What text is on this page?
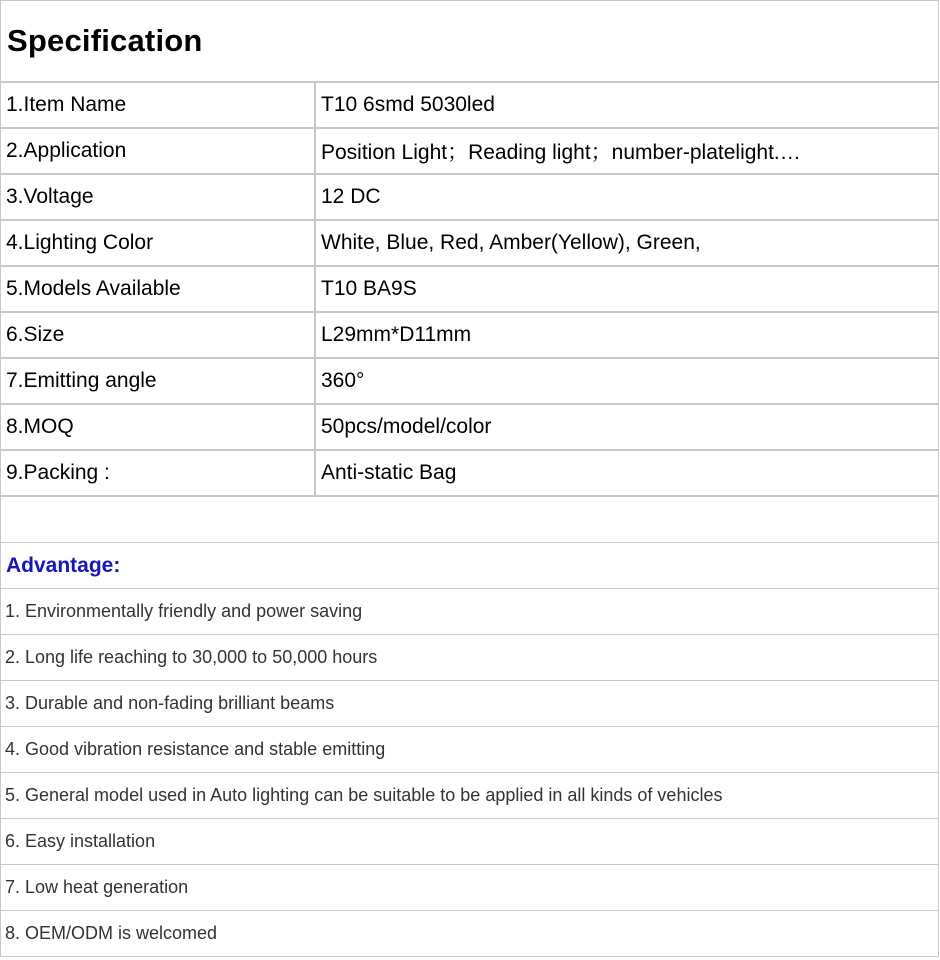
Specification
1.Item Name	T10 6smd 5030led
2.Application	Position Light；Reading light；number-platelight.…
3.Voltage	12 DC
4.Lighting Color	White, Blue, Red, Amber(Yellow), Green,
5.Models Available	T10 BA9S
6.Size	L29mm*D11mm
7.Emitting angle	360°
8.MOQ	50pcs/model/color
9.Packing :	Anti-static Bag
Advantage:
1. Environmentally friendly and power saving
2. Long life reaching to 30,000 to 50,000 hours
3. Durable and non-fading brilliant beams
4. Good vibration resistance and stable emitting
5. General model used in Auto lighting can be suitable to be applied in all kinds of vehicles
6. Easy installation
7. Low heat generation
8. OEM/ODM is welcomed
